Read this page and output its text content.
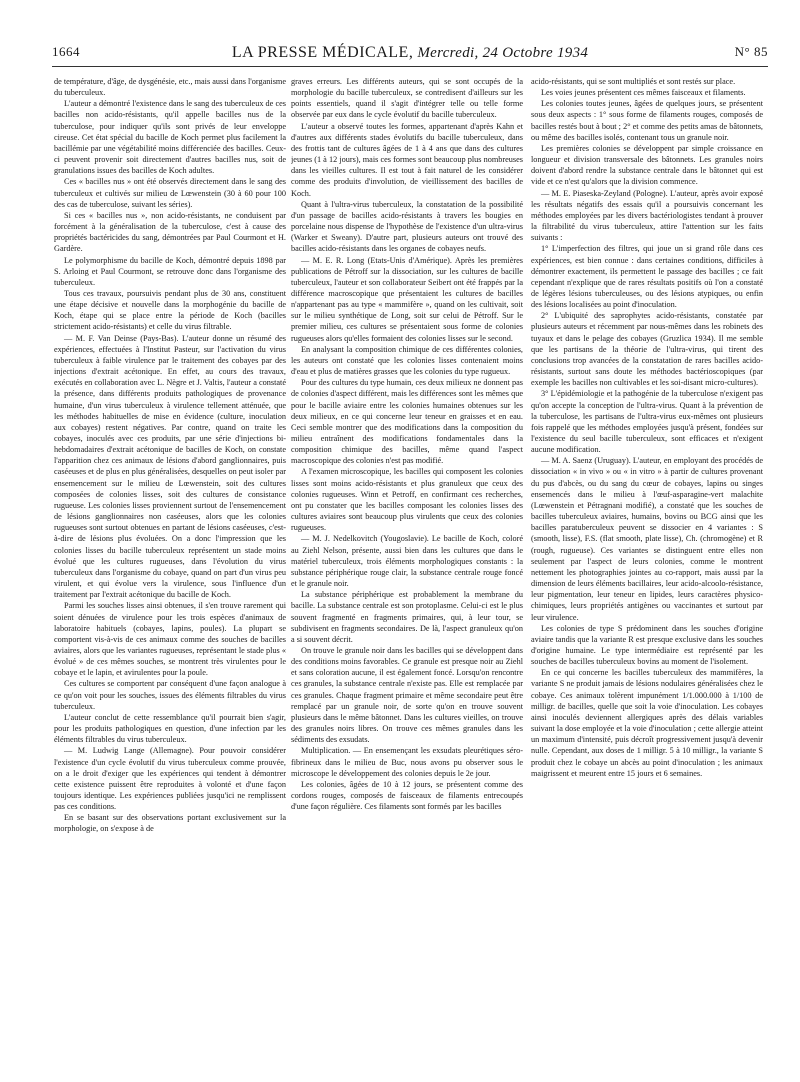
1664	LA PRESSE MÉDICALE, Mercredi, 24 Octobre 1934	N° 85

de température, d'âge, de dysgénésie, etc., mais aussi dans l'organisme du tuberculeux.

L'auteur a démontré l'existence dans le sang des tuberculeux de ces bacilles non acido-résistants, qu'il appelle bacilles nus de la tuberculose, pour indiquer qu'ils sont privés de leur enveloppe cireuse. Cet état spécial du bacille de Koch permet plus facilement la bacillémie par une végétabilité moins différenciée des bacilles. Ceux-ci peuvent provenir soit directement d'autres bacilles nus, soit de granulations issues des bacilles de Koch adultes.

Ces « bacilles nus » ont été observés directement dans le sang des tuberculeux et cultivés sur milieu de Lœwenstein (30 à 60 pour 100 des cas de tuberculose, suivant les séries).

Si ces « bacilles nus », non acido-résistants, ne conduisent par forcément à la généralisation de la tuberculose, c'est à cause des propriétés bactéricides du sang, démontrées par Paul Courmont et H. Gardère.

Le polymorphisme du bacille de Koch, démontré depuis 1898 par S. Arloing et Paul Courmont, se retrouve donc dans l'organisme des tuberculeux.

Tous ces travaux, poursuivis pendant plus de 30 ans, constituent une étape décisive et nouvelle dans la morphogénie du bacille de Koch, étape qui se place entre la période de Koch (bacilles strictement acido-résistants) et celle du virus filtrable.

— M. F. Van Deinse (Pays-Bas). L'auteur donne un résumé des expériences, effectuées à l'Institut Pasteur, sur l'activation du virus tuberculeux à faible virulence par le traitement des cobayes par des injections d'extrait acétonique. En effet, au cours des travaux, exécutés en collaboration avec L. Nègre et J. Valtis, l'auteur a constaté la présence, dans différents produits pathologiques de provenance humaine, d'un virus tuberculeux à virulence tellement atténuée, que les méthodes habituelles de mise en évidence (culture, inoculation aux cobayes) restent négatives. Par contre, quand on traite les cobayes, inoculés avec ces produits, par une série d'injections bi-hebdomadaires d'extrait acétonique de bacilles de Koch, on constate l'apparition chez ces animaux de lésions d'abord ganglionnaires, puis caséeuses et de plus en plus généralisées, desquelles on peut isoler par ensemencement sur le milieu de Lœwenstein, soit des cultures composées de colonies lisses, soit des cultures de consistance rugueuse. Les colonies lisses proviennent surtout de l'ensemencement de lésions ganglionnaires non caséeuses, alors que les colonies rugueuses sont surtout obtenues en partant de lésions caséeuses, c'est-à-dire de lésions plus évoluées. On a donc l'impression que les colonies lisses du bacille tuberculeux représentent un stade moins évolué que les cultures rugueuses, dans l'évolution du virus tuberculeux dans l'organisme du cobaye, quand on part d'un virus peu virulent, et qui évolue vers la virulence, sous l'influence d'un traitement par l'extrait acétonique du bacille de Koch.

Parmi les souches lisses ainsi obtenues, il s'en trouve rarement qui soient dénuées de virulence pour les trois espèces d'animaux de laboratoire habituels (cobayes, lapins, poules). La plupart se comportent vis-à-vis de ces animaux comme des souches de bacilles aviaires, alors que les variantes rugueuses, représentant le stade plus « évolué » de ces mêmes souches, se montrent très virulentes pour le cobaye et le lapin, et avirulentes pour la poule.

Ces cultures se comportent par conséquent d'une façon analogue à ce qu'on voit pour les souches, issues des éléments filtrables du virus tuberculeux.

L'auteur conclut de cette ressemblance qu'il pourrait bien s'agir, pour les produits pathologiques en question, d'une infection par les éléments filtrables du virus tuberculeux.

— M. Ludwig Lange (Allemagne). Pour pouvoir considérer l'existence d'un cycle évolutif du virus tuberculeux comme prouvée, on a le droit d'exiger que les expériences qui tendent à démontrer cette existence puissent être reproduites à volonté et d'une façon toujours identique. Les expériences publiées jusqu'ici ne remplissent pas ces conditions.

En se basant sur des observations portant exclusivement sur la morphologie, on s'expose à de

graves erreurs. Les différents auteurs, qui se sont occupés de la morphologie du bacille tuberculeux, se contredisent d'ailleurs sur les points essentiels, quand il s'agit d'intégrer telle ou telle forme observée par eux dans le cycle évolutif du bacille tuberculeux.

L'auteur a observé toutes les formes, appartenant d'après Kahn et d'autres aux différents stades évolutifs du bacille tuberculeux, dans des frottis tant de cultures âgées de 1 à 4 ans que dans des cultures jeunes (1 à 12 jours), mais ces formes sont beaucoup plus nombreuses dans les vieilles cultures. Il est tout à fait naturel de les considérer comme des produits d'involution, de vieillissement des bacilles de Koch.

Quant à l'ultra-virus tuberculeux, la constatation de la possibilité d'un passage de bacilles acido-résistants à travers les bougies en porcelaine nous dispense de l'hypothèse de l'existence d'un ultra-virus (Warker et Sweany). D'autre part, plusieurs auteurs ont trouvé des bacilles acido-résistants dans les organes de cobayes neufs.

— M. E. R. Long (Etats-Unis d'Amérique). Après les premières publications de Pétroff sur la dissociation, sur les cultures de bacille tuberculeux, l'auteur et son collaborateur Seibert ont été frappés par la différence macroscopique que présentaient les cultures de bacilles n'appartenant pas au type « mammifère », quand on les cultivait, soit sur le milieu synthétique de Long, soit sur celui de Pétroff. Sur le premier milieu, ces cultures se présentaient sous forme de colonies rugueuses alors qu'elles formaient des colonies lisses sur le second.

En analysant la composition chimique de ces différentes colonies, les auteurs ont constaté que les colonies lisses contenaient moins d'eau et plus de matières grasses que les colonies du type rugueux.

Pour des cultures du type humain, ces deux milieux ne donnent pas de colonies d'aspect différent, mais les différences sont les mêmes que pour le bacille aviaire entre les colonies humaines obtenues sur les deux milieux, en ce qui concerne leur teneur en graisses et en eau. Ceci semble montrer que des modifications dans la composition du milieu entraînent des modifications fondamentales dans la composition chimique des bacilles, même quand l'aspect macroscopique des colonies n'est pas modifié.

A l'examen microscopique, les bacilles qui composent les colonies lisses sont moins acido-résistants et plus granuleux que ceux des colonies rugueuses. Winn et Petroff, en confirmant ces recherches, ont pu constater que les bacilles composant les colonies lisses des cultures aviaires sont beaucoup plus virulents que ceux des colonies rugueuses.

— M. J. Nedelkovitch (Yougoslavie). Le bacille de Koch, coloré au Ziehl Nelson, présente, aussi bien dans les cultures que dans le matériel tuberculeux, trois éléments morphologiques constants : la substance périphérique rouge clair, la substance centrale rouge foncé et le granule noir.

La substance périphérique est probablement la membrane du bacille. La substance centrale est son protoplasme. Celui-ci est le plus souvent fragmenté en fragments primaires, qui, à leur tour, se subdivisent en fragments secondaires. De là, l'aspect granuleux qu'on a si souvent décrit.

On trouve le granule noir dans les bacilles qui se développent dans des conditions moins favorables. Ce granule est presque noir au Ziehl et sans coloration aucune, il est également foncé. Lorsqu'on rencontre ces granules, la substance centrale n'existe pas. Elle est remplacée par ces granules. Chaque fragment primaire et même secondaire peut être remplacé par un granule noir, de sorte qu'on en trouve souvent plusieurs dans le même bâtonnet. Dans les cultures vieilles, on trouve des granules noirs libres. On trouve ces mêmes granules dans les sédiments des exsudats.

Multiplication. — En ensemençant les exsudats pleurétiques séro-fibrineux dans le milieu de Buc, nous avons pu observer sous le microscope le développement des colonies depuis le 2e jour.

Les colonies, âgées de 10 à 12 jours, se présentent comme des cordons rouges, composés de faisceaux de filaments entrecoupés d'une façon régulière. Ces filaments sont formés par les bacilles

acido-résistants, qui se sont multipliés et sont restés sur place.

Les voies jeunes présentent ces mêmes faisceaux et filaments.

Les colonies toutes jeunes, âgées de quelques jours, se présentent sous deux aspects : 1° sous forme de filaments rouges, composés de bacilles restés bout à bout ; 2° et comme des petits amas de bâtonnets, ou même des bacilles isolés, contenant tous un granule noir.

Les premières colonies se développent par simple croissance en longueur et division transversale des bâtonnets. Les granules noirs doivent d'abord rendre la substance centrale dans le bâtonnet qui est vide et ce n'est qu'alors que la division commence.

— M. E. Piaseska-Zeyland (Pologne). L'auteur, après avoir exposé les résultats négatifs des essais qu'il a poursuivis concernant les méthodes employées par les divers bactériologistes tendant à prouver la filtrabilité du virus tuberculeux, attire l'attention sur les faits suivants :

1° L'imperfection des filtres, qui joue un si grand rôle dans ces expériences, est bien connue : dans certaines conditions, difficiles à démontrer exactement, ils permettent le passage des bacilles ; ce fait cependant n'explique que de rares résultats positifs où l'on a constaté de légères lésions tuberculeuses, ou des lésions atypiques, ou enfin des lésions localisées au point d'inoculation.

2° L'ubiquité des saprophytes acido-résistants, constatée par plusieurs auteurs et récemment par nous-mêmes dans les robinets des tuyaux et dans le pelage des cobayes (Gruzlica 1934). Il me semble que les partisans de la théorie de l'ultra-virus, qui tirent des conclusions trop avancées de la constatation de rares bacilles acido-résistants, surtout sans doute les méthodes bactérioscopiques (par exemple les bacilles non cultivables et les soi-disant micro-cultures).

3° L'épidémiologie et la pathogénie de la tuberculose n'exigent pas qu'on accepte la conception de l'ultra-virus. Quant à la prévention de la tuberculose, les partisans de l'ultra-virus eux-mêmes ont plusieurs fois rappelé que les méthodes employées jusqu'à présent, fondées sur l'existence du seul bacille tuberculeux, sont efficaces et n'exigent aucune modification.

— M. A. Saenz (Uruguay). L'auteur, en employant des procédés de dissociation « in vivo » ou « in vitro » à partir de cultures provenant du pus d'abcès, ou du sang du cœur de cobayes, lapins ou singes ensemencés dans le milieu à l'œuf-asparagine-vert malachite (Lœwenstein et Pétragnani modifié), a constaté que les souches de bacilles tuberculeux aviaires, humains, bovins ou BCG ainsi que les bacilles paratuberculeux peuvent se dissocier en 4 variantes : S (smooth, lisse), F.S. (flat smooth, plate lisse), Ch. (chromogène) et R (rough, rugueuse). Ces variantes se distinguent entre elles non seulement par l'aspect de leurs colonies, comme le montrent nettement les photographies jointes au co-rapport, mais aussi par la dimension de leurs éléments bacillaires, leur acido-alcoolo-résistance, leur pigmentation, leur teneur en lipides, leurs caractères physico-chimiques, leurs propriétés antigènes ou vaccinantes et surtout par leur virulence.

Les colonies de type S prédominent dans les souches d'origine aviaire tandis que la variante R est presque exclusive dans les souches d'origine humaine. Le type intermédiaire est représenté par les souches de bacilles tuberculeux bovins au moment de l'isolement.

En ce qui concerne les bacilles tuberculeux des mammifères, la variante S ne produit jamais de lésions nodulaires généralisées chez le cobaye. Ces animaux tolèrent impunément 1/1.000.000 à 1/100 de milligr. de bacilles, quelle que soit la voie d'inoculation. Les cobayes ainsi inoculés deviennent allergiques après des délais variables suivant la dose employée et la voie d'inoculation ; cette allergie atteint un maximum d'intensité, puis décroît progressivement jusqu'à devenir nulle. Cependant, aux doses de 1 milligr. 5 à 10 milligr., la variante S produit chez le cobaye un abcès au point d'inoculation ; les animaux maigrissent et meurent entre 15 jours et 6 semaines.
